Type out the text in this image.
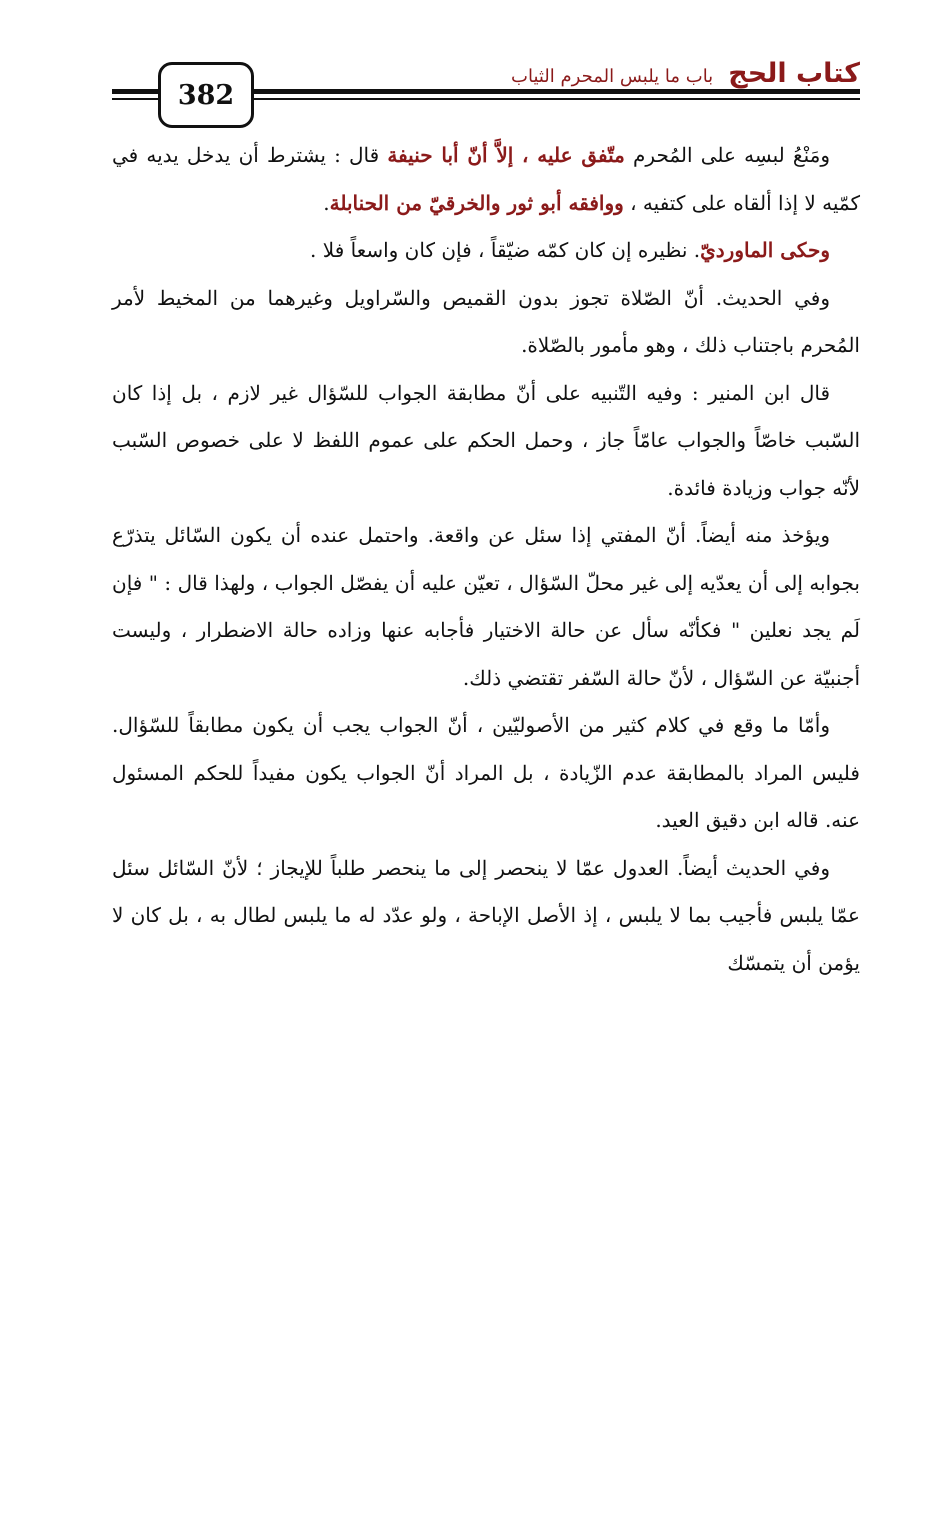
كتاب الحج باب ما يلبس المحرم الثياب
382

ومَنْعُ لبسِه على المُحرم متّفق عليه ، إلاَّ أنّ أبا حنيفة قال : يشترط أن يدخل يديه في كمّيه لا إذا ألقاه على كتفيه ، ووافقه أبو ثور والخرقيّ من الحنابلة.

وحكى الماورديّ. نظيره إن كان كمّه ضيّقاً ، فإن كان واسعاً فلا .

وفي الحديث. أنّ الصّلاة تجوز بدون القميص والسّراويل وغيرهما من المخيط لأمر المُحرم باجتناب ذلك ، وهو مأمور بالصّلاة.

قال ابن المنير : وفيه التّنبيه على أنّ مطابقة الجواب للسّؤال غير لازم ، بل إذا كان السّبب خاصّاً والجواب عامّاً جاز ، وحمل الحكم على عموم اللفظ لا على خصوص السّبب لأنّه جواب وزيادة فائدة.

ويؤخذ منه أيضاً. أنّ المفتي إذا سئل عن واقعة. واحتمل عنده أن يكون السّائل يتذرّع بجوابه إلى أن يعدّيه إلى غير محلّ السّؤال ، تعيّن عليه أن يفصّل الجواب ، ولهذا قال : " فإن لَم يجد نعلين " فكأنّه سأل عن حالة الاختيار فأجابه عنها وزاده حالة الاضطرار ، وليست أجنبيّة عن السّؤال ، لأنّ حالة السّفر تقتضي ذلك.

وأمّا ما وقع في كلام كثير من الأصوليّين ، أنّ الجواب يجب أن يكون مطابقاً للسّؤال. فليس المراد بالمطابقة عدم الزّيادة ، بل المراد أنّ الجواب يكون مفيداً للحكم المسئول عنه. قاله ابن دقيق العيد.

وفي الحديث أيضاً. العدول عمّا لا ينحصر إلى ما ينحصر طلباً للإيجاز ؛ لأنّ السّائل سئل عمّا يلبس فأجيب بما لا يلبس ، إذ الأصل الإباحة ، ولو عدّد له ما يلبس لطال به ، بل كان لا يؤمن أن يتمسّك
